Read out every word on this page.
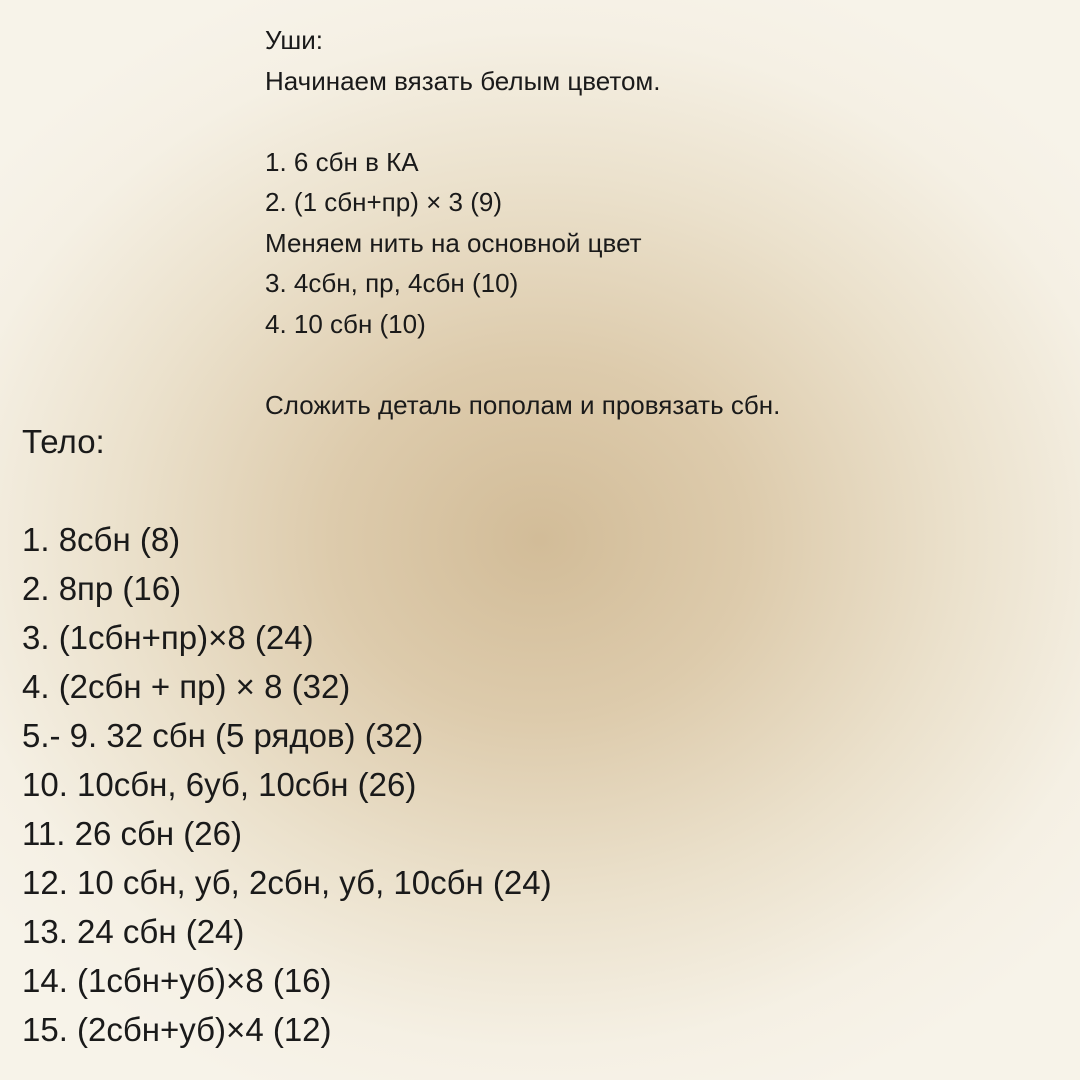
Уши:
Начинаем вязать белым цветом.
1. 6 сбн в КА
2. (1 сбн+пр) × 3 (9)
Меняем нить на основной цвет
3. 4сбн, пр, 4сбн (10)
4. 10 сбн (10)
Сложить деталь пополам и провязать сбн.
Тело:
1. 8сбн (8)
2. 8пр (16)
3. (1сбн+пр)×8 (24)
4. (2сбн + пр) × 8 (32)
5.- 9. 32 сбн (5 рядов) (32)
10. 10сбн, 6уб, 10сбн (26)
11. 26 сбн (26)
12. 10 сбн, уб, 2сбн, уб, 10сбн (24)
13. 24 сбн (24)
14. (1сбн+уб)×8 (16)
15. (2сбн+уб)×4 (12)
